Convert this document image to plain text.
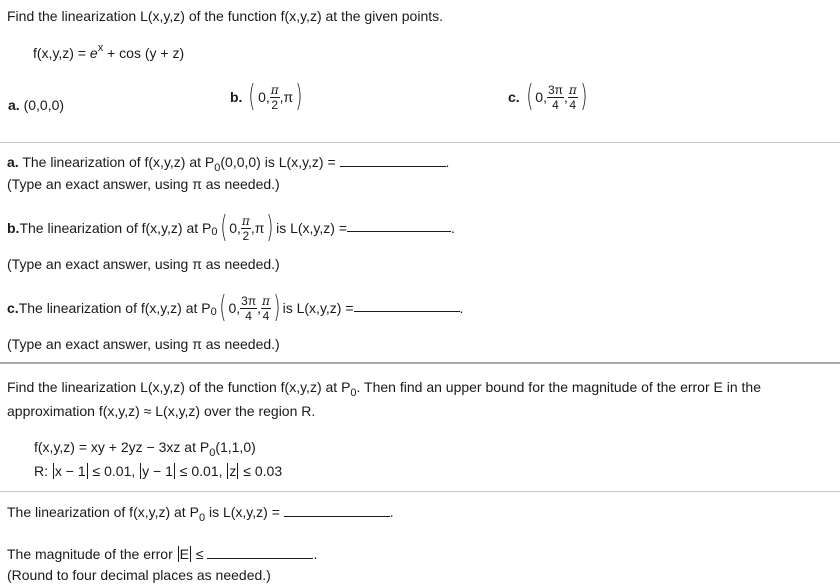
Find the linearization L(x,y,z) of the function f(x,y,z) at the given points.
$f(x,y,z) = e^x + \cos (y + z)$
a. (0,0,0)	b. ( 0, $\frac{\pi}{2} ,\pi$)	c. ( 0, $\frac{3\pi}{4}$ , $\frac{\pi}{4}$ )
a. The linearization of f(x,y,z) at $P_0(0,0,0)$ is L(x,y,z) =	.
(Type an exact answer, using π as needed.)
b.The linearization of f(x,y,z) at P0( 0, $\frac{\pi}{2} ,\pi)is$ L(x,y,z) =	.
(Type an exact answer, using π as needed.)
c.The linearization of f(x,y,z) at P0( 0, $\frac{3\pi}{4}$ , $\frac{\pi}{4} )is$ L(x,y,z) =	.
(Type an exact answer, using π as needed.)
Find the linearization L(x,y,z) of the function f(x,y,z) at $P_0$. Then find an upper bound for the magnitude of the error E in the
approximation f(x,y,z) ≈ L(x,y,z) over the region R.
f(x,y,z) = xy + 2yz − 3xz at $P_0(1,1,0)$
R: x − 1 ≤ 0.01, y − 1 ≤ 0.01, z ≤ 0.03
The linearization of f(x,y,z) at $P_0$ is L(x,y,z) =	.
The magnitude of the error E ≤	.
(Round to four decimal places as needed.)
